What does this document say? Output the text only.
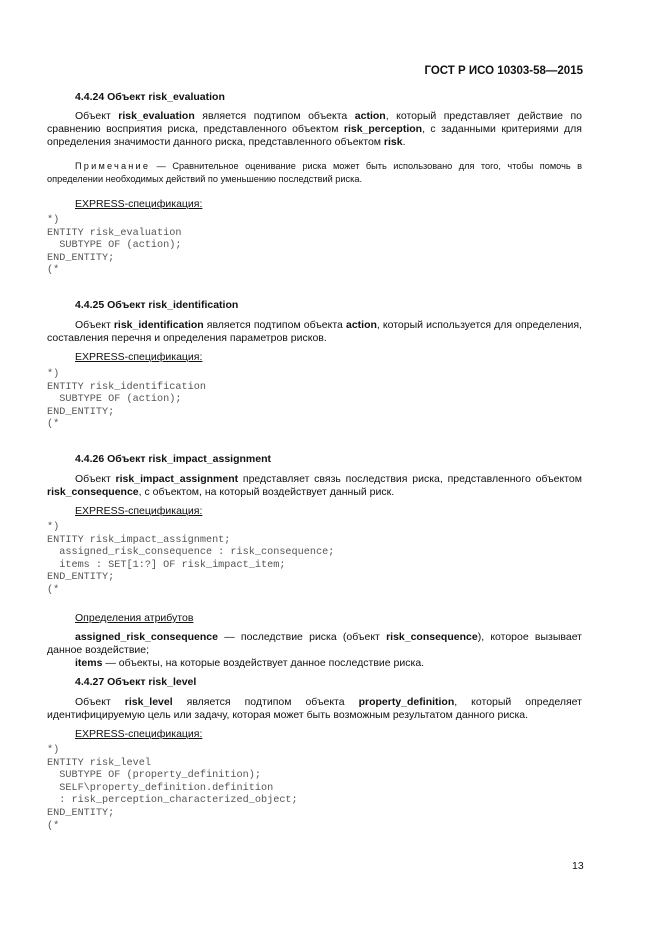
ГОСТ Р ИСО 10303-58—2015
4.4.24 Объект risk_evaluation
Объект risk_evaluation является подтипом объекта action, который представляет действие по сравнению восприятия риска, представленного объектом risk_perception, с заданными критериями для определения значимости данного риска, представленного объектом risk.
Примечание — Сравнительное оценивание риска может быть использовано для того, чтобы помочь в определении необходимых действий по уменьшению последствий риска.
EXPRESS-спецификация:
*)
ENTITY risk_evaluation
SUBTYPE OF (action);
END_ENTITY;
(*
4.4.25 Объект risk_identification
Объект risk_identification является подтипом объекта action, который используется для определения, составления перечня и определения параметров рисков.
EXPRESS-спецификация:
*)
ENTITY risk_identification
SUBTYPE OF (action);
END_ENTITY;
(*
4.4.26 Объект risk_impact_assignment
Объект risk_impact_assignment представляет связь последствия риска, представленного объектом risk_consequence, с объектом, на который воздействует данный риск.
EXPRESS-спецификация:
*)
ENTITY risk_impact_assignment;
assigned_risk_consequence : risk_consequence;
items : SET[1:?] OF risk_impact_item;
END_ENTITY;
(*
Определения атрибутов
assigned_risk_consequence — последствие риска (объект risk_consequence), которое вызывает данное воздействие;
items — объекты, на которые воздействует данное последствие риска.
4.4.27 Объект risk_level
Объект risk_level является подтипом объекта property_definition, который определяет идентифицируемую цель или задачу, которая может быть возможным результатом данного риска.
EXPRESS-спецификация:
*)
ENTITY risk_level
SUBTYPE OF (property_definition);
SELF\property_definition.definition
: risk_perception_characterized_object;
END_ENTITY;
(*
13
